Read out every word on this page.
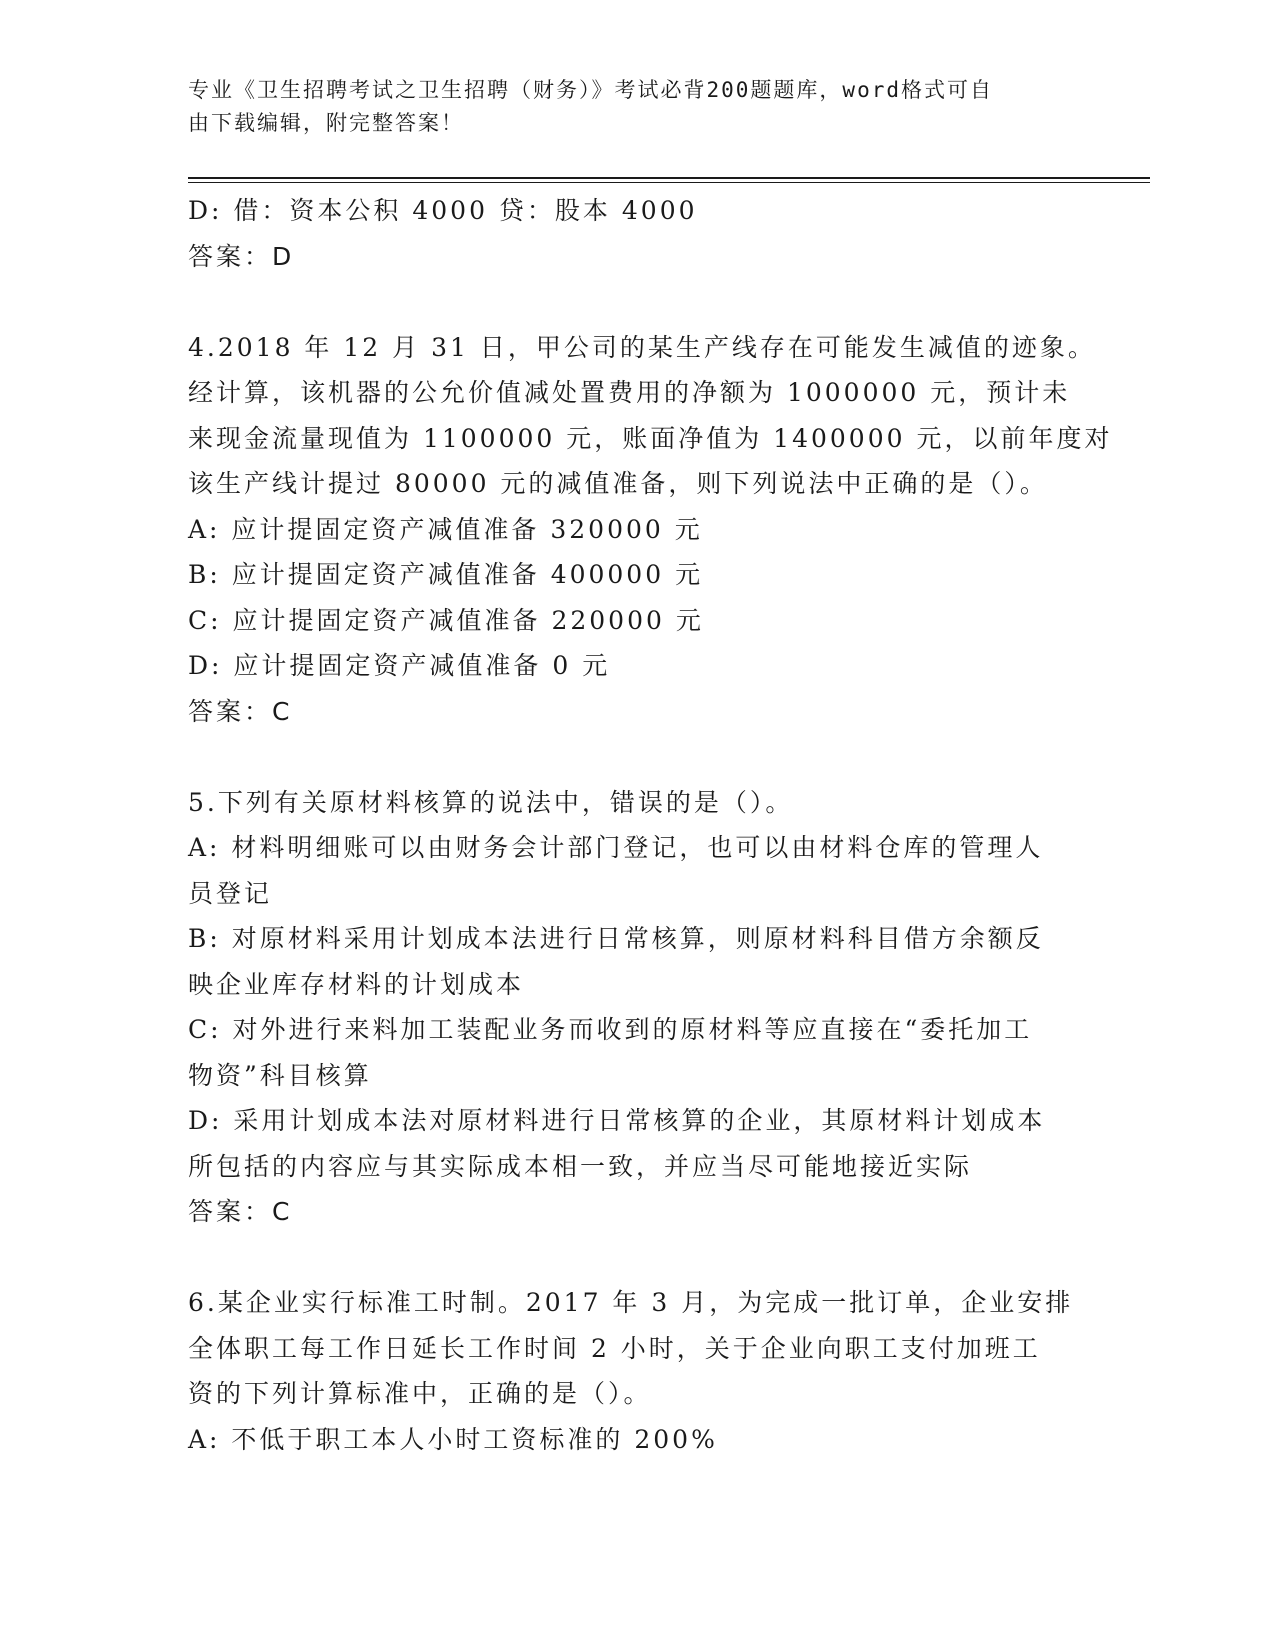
专业《卫生招聘考试之卫生招聘（财务）》考试必背200题题库，word格式可自
由下载编辑，附完整答案！
D: 借：资本公积 4000 贷：股本 4000
答案：D
4.2018 年 12 月 31 日，甲公司的某生产线存在可能发生减值的迹象。
经计算，该机器的公允价值减处置费用的净额为 1000000 元，预计未
来现金流量现值为 1100000 元，账面净值为 1400000 元，以前年度对
该生产线计提过 80000 元的减值准备，则下列说法中正确的是（）。
A: 应计提固定资产减值准备 320000 元
B: 应计提固定资产减值准备 400000 元
C: 应计提固定资产减值准备 220000 元
D: 应计提固定资产减值准备 0 元
答案：C
5.下列有关原材料核算的说法中，错误的是（）。
A: 材料明细账可以由财务会计部门登记，也可以由材料仓库的管理人
员登记
B: 对原材料采用计划成本法进行日常核算，则原材料科目借方余额反
映企业库存材料的计划成本
C: 对外进行来料加工装配业务而收到的原材料等应直接在“委托加工
物资”科目核算
D: 采用计划成本法对原材料进行日常核算的企业，其原材料计划成本
所包括的内容应与其实际成本相一致，并应当尽可能地接近实际
答案：C
6.某企业实行标准工时制。2017 年 3 月，为完成一批订单，企业安排
全体职工每工作日延长工作时间 2 小时，关于企业向职工支付加班工
资的下列计算标准中，正确的是（）。
A: 不低于职工本人小时工资标准的 200%
